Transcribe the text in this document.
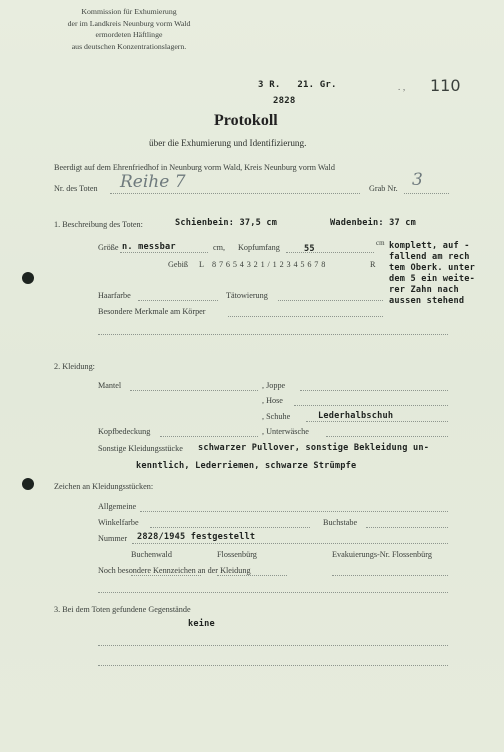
Kommission für Exhumierung
der im Landkreis Neunburg vorm Wald
ermordeten Häftlinge
aus deutschen Konzentrationslagern.
3 R.   21. Gr.
2828
110
. ‚
Protokoll
über die Exhumierung und Identifizierung.
Beerdigt auf dem Ehrenfriedhof in Neunburg vorm Wald, Kreis Neunburg vorm Wald
Nr. des Toten Reihe 7	Grab Nr. 3
1. Beschreibung des Toten:	Schienbein: 37,5 cm	Wadenbein: 37 cm
Größe n. messbar	cm, Kopfumfang	55
cm
Gebiß L 8 7 6 5 4 3 2 1 / 1 2 3 4 5 6 7 8	R
komplett, auf -
fallend am rech
tem Oberk. unter
dem 5 ein weite-
rer Zahn nach
aussen stehend
Haarfarbe	Tätowierung
Besondere Merkmale am Körper
2. Kleidung:
Mantel	, Joppe
, Hose
, Schuhe	Lederhalbschuh
Kopfbedeckung	, Unterwäsche
Sonstige Kleidungsstücke schwarzer Pullover, sonstige Bekleidung un-
kenntlich, Lederriemen, schwarze Strümpfe
Zeichen an Kleidungsstücken:
Allgemeine
Winkelfarbe	Buchstabe
Nummer 2828/1945 festgestellt
Buchenwald	Flossenbürg	Evakuierungs-Nr. Flossenbürg
Noch besondere Kennzeichen an der Kleidung
3. Bei dem Toten gefundene Gegenstände
keine
